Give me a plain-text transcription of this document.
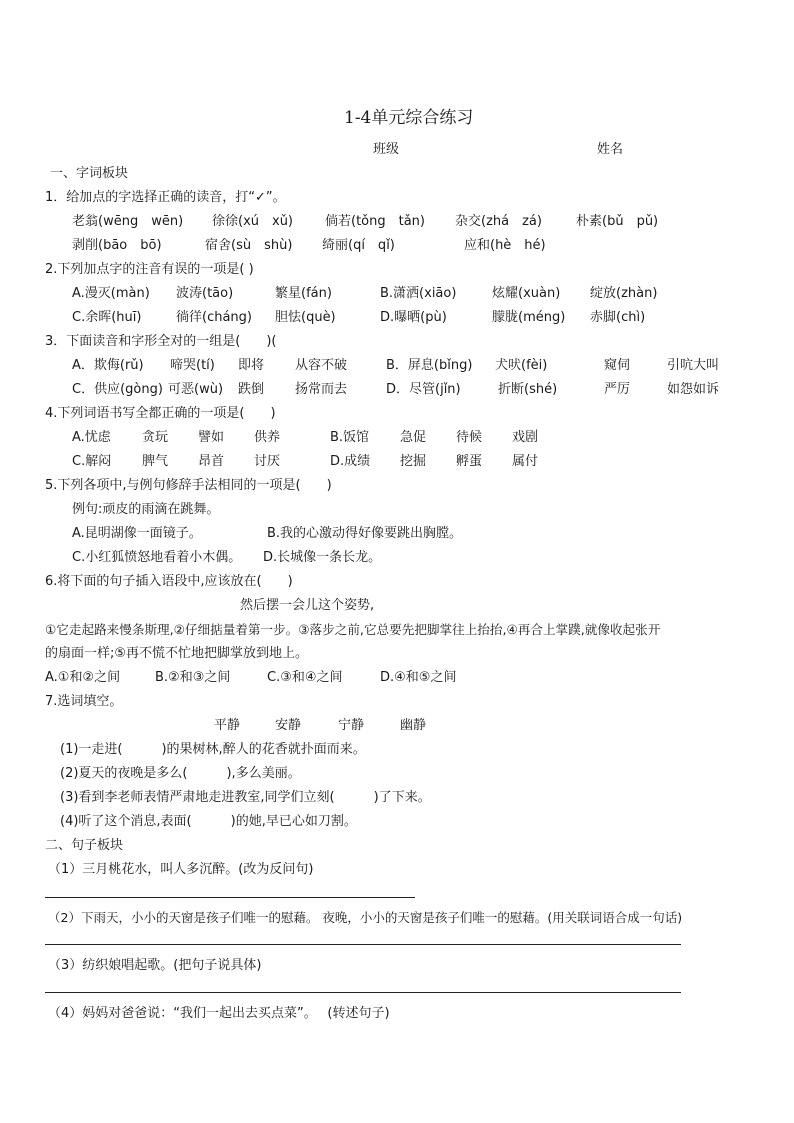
1-4单元综合练习
班级	姓名
一、字词板块
1．给加点的字选择正确的读音，打“✓”。
老翁(wēng　wēn) 徐徐(xú　xǔ) 倘若(tǒng　tǎn) 杂交(zhá　zá)	朴素(bǔ　pǔ)
剥削(bāo　bō)	宿舍(sù　shù) 绮丽(qí　qǐ)	应和(hè　hé)
2.下列加点字的注音有误的一项是( )
A.漫灭(màn) 波涛(tāo)	繁星(fán)	B.潇洒(xiāo)	炫耀(xuàn) 绽放(zhàn)
C.余晖(huī)	徜徉(cháng) 胆怯(què)	D.曝晒(pù)	朦胧(méng) 赤脚(chì)
3．下面读音和字形全对的一组是(　　)(
A．欺侮(rǔ) 啼哭(tí) 即将 从容不破	B．屏息(bǐng) 犬吠(fèi)	窥伺	引吭大叫
C．供应(gòng) 可恶(wù) 跌倒 扬常而去	D．尽管(jǐn)	折断(shé)	严厉	如怨如诉
4.下列词语书写全都正确的一项是(　　)
A.忧虑 贪玩 譬如 供养	B.饭馆 急促 待候 戏剧
C.解闷 脾气 昂首 讨厌	D.成绩 挖掘 孵蛋 属付
5.下列各项中,与例句修辞手法相同的一项是(　　)
例句:顽皮的雨滴在跳舞。
A.昆明湖像一面镜子。	B.我的心激动得好像要跳出胸膛。
C.小红狐愤怒地看着小木偶。 D.长城像一条长龙。
6.将下面的句子插入语段中,应该放在(　　)
然后摆一会儿这个姿势,
①它走起路来慢条斯理,②仔细掂量着第一步。③落步之前,它总要先把脚掌往上抬抬,④再合上掌蹼,就像收起张开
的扇面一样;⑤再不慌不忙地把脚掌放到地上。
A.①和②之间	B.②和③之间	C.③和④之间	D.④和⑤之间
7.选词填空。
平静	安静	宁静	幽静
(1)一走进(　　　)的果树林,醉人的花香就扑面而来。
(2)夏天的夜晚是多么(　　　),多么美丽。
(3)看到李老师表情严肃地走进教室,同学们立刻(　　　)了下来。
(4)听了这个消息,表面(　　　)的她,早已心如刀割。
二、句子板块
（1）三月桃花水，叫人多沉醉。(改为反问句)
（2）下雨天，小小的天窗是孩子们唯一的慰藉。 夜晚，小小的天窗是孩子们唯一的慰藉。(用关联词语合成一句话)
（3）纺织娘唱起歌。(把句子说具体)
（4）妈妈对爸爸说：“我们一起出去买点菜”。　 (转述句子)
